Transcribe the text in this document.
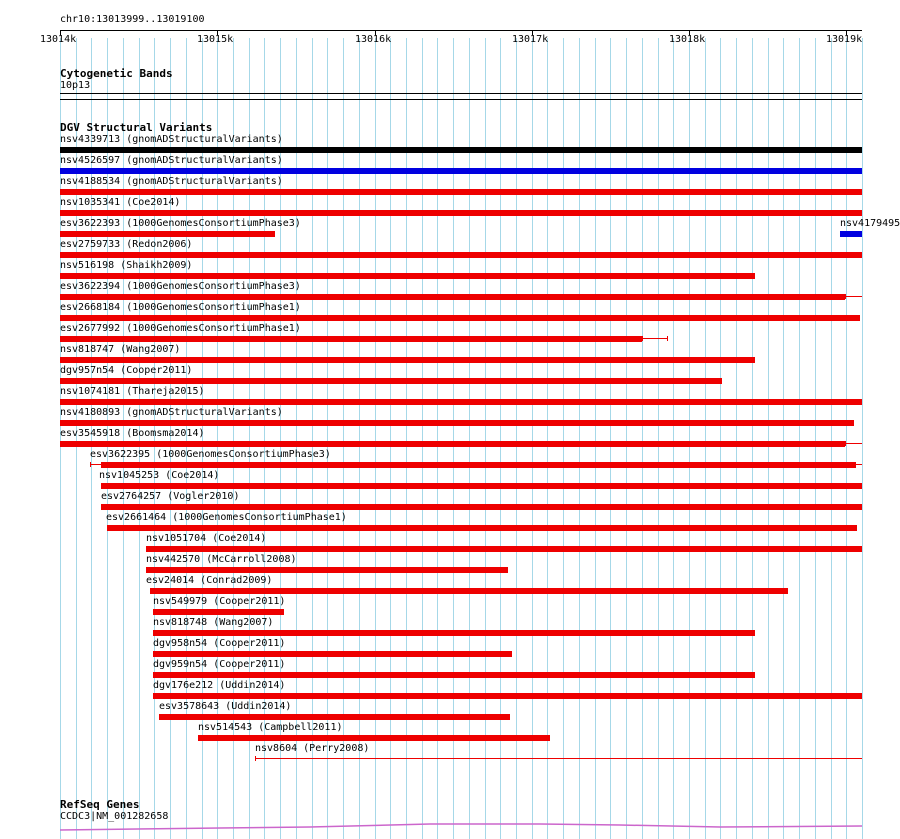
chr10:13013999..13019100
13014k	13015k	13016k	13017k	13018k	13019k
Cytogenetic Bands
10p13
DGV Structural Variants
nsv4339713 (gnomADStructuralVariants)
nsv4526597 (gnomADStructuralVariants)
nsv4188534 (gnomADStructuralVariants)
nsv1035341 (Coe2014)
esv3622393 (1000GenomesConsortiumPhase3)	nsv4179495
esv2759733 (Redon2006)
nsv516198 (Shaikh2009)
esv3622394 (1000GenomesConsortiumPhase3)
esv2668184 (1000GenomesConsortiumPhase1)
esv2677992 (1000GenomesConsortiumPhase1)
nsv818747 (Wang2007)
dgv957n54 (Cooper2011)
nsv1074181 (Thareja2015)
nsv4180893 (gnomADStructuralVariants)
esv3545918 (Boomsma2014)
esv3622395 (1000GenomesConsortiumPhase3)
nsv1045253 (Coe2014)
esv2764257 (Vogler2010)
esv2661464 (1000GenomesConsortiumPhase1)
nsv1051704 (Coe2014)
nsv442570 (McCarroll2008)
esv24014 (Conrad2009)
nsv549979 (Cooper2011)
nsv818748 (Wang2007)
dgv958n54 (Cooper2011)
dgv959n54 (Cooper2011)
dgv176e212 (Uddin2014)
esv3578643 (Uddin2014)
nsv514543 (Campbell2011)
nsv8604 (Perry2008)
RefSeq Genes
CCDC3|NM_001282658
